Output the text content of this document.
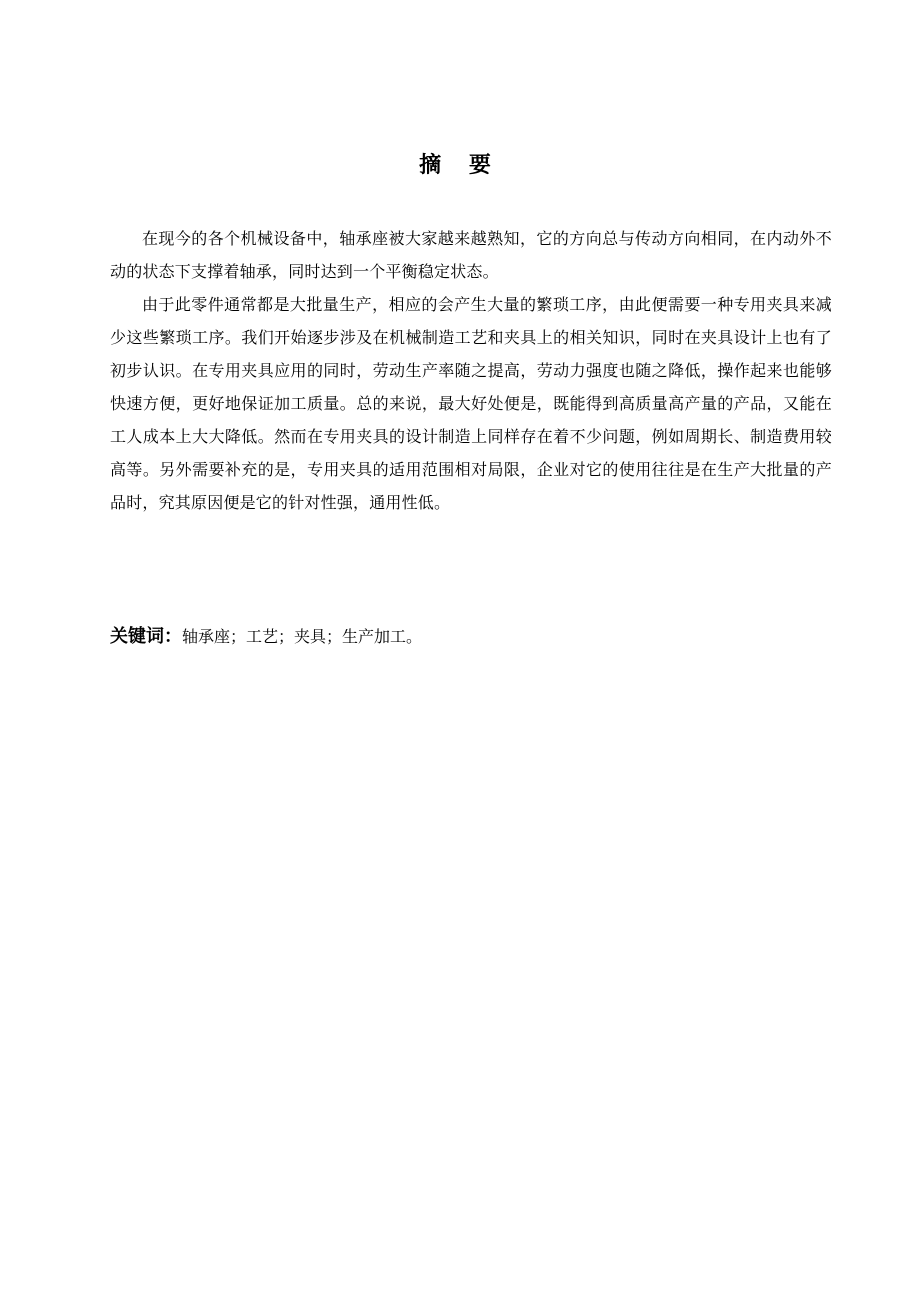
摘 要

在现今的各个机械设备中，轴承座被大家越来越熟知，它的方向总与传动方向相同，在内动外不动的状态下支撑着轴承，同时达到一个平衡稳定状态。

由于此零件通常都是大批量生产，相应的会产生大量的繁琐工序，由此便需要一种专用夹具来减少这些繁琐工序。我们开始逐步涉及在机械制造工艺和夹具上的相关知识，同时在夹具设计上也有了初步认识。在专用夹具应用的同时，劳动生产率随之提高，劳动力强度也随之降低，操作起来也能够快速方便，更好地保证加工质量。总的来说，最大好处便是，既能得到高质量高产量的产品，又能在工人成本上大大降低。然而在专用夹具的设计制造上同样存在着不少问题，例如周期长、制造费用较高等。另外需要补充的是，专用夹具的适用范围相对局限，企业对它的使用往往是在生产大批量的产品时，究其原因便是它的针对性强，通用性低。

关键词：轴承座；工艺；夹具；生产加工。
